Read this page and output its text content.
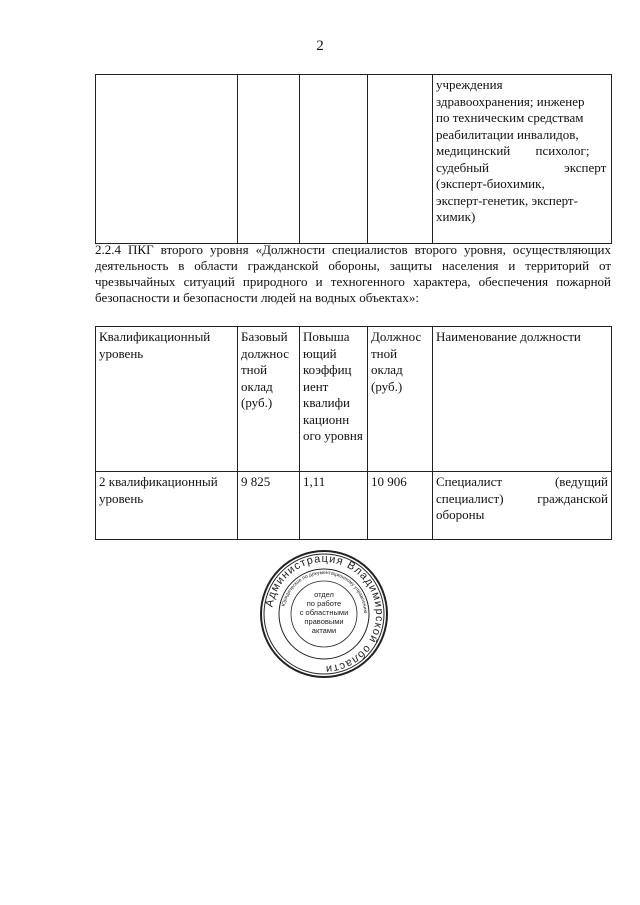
2

учреждения
здравоохранения; инженер
по техническим средствам
реабилитации инвалидов,
медицинский психолог;
судебный эксперт
(эксперт-биохимик,
эксперт-генетик, эксперт-
химик)
2.2.4 ПКГ второго уровня «Должности специалистов второго уровня, осуществляющих деятельность в области гражданской обороны, защиты населения и территорий от чрезвычайных ситуаций природного и техногенного характера, обеспечения пожарной безопасности и безопасности людей на водных объектах»:
Квалификационный уровень	Базовый должнос тной оклад (руб.)	Повыша ющий коэффиц иент квалифи кационн ого уровня	Должнос тной оклад (руб.)	Наименование должности
2 квалификационный уровень	9 825	1,11	10 906	Специалист (ведущий специалист) гражданской обороны
Администрация Владимирской области
Юридическое по документационному управлению
отдел
по работе
с областными
правовыми
актами
